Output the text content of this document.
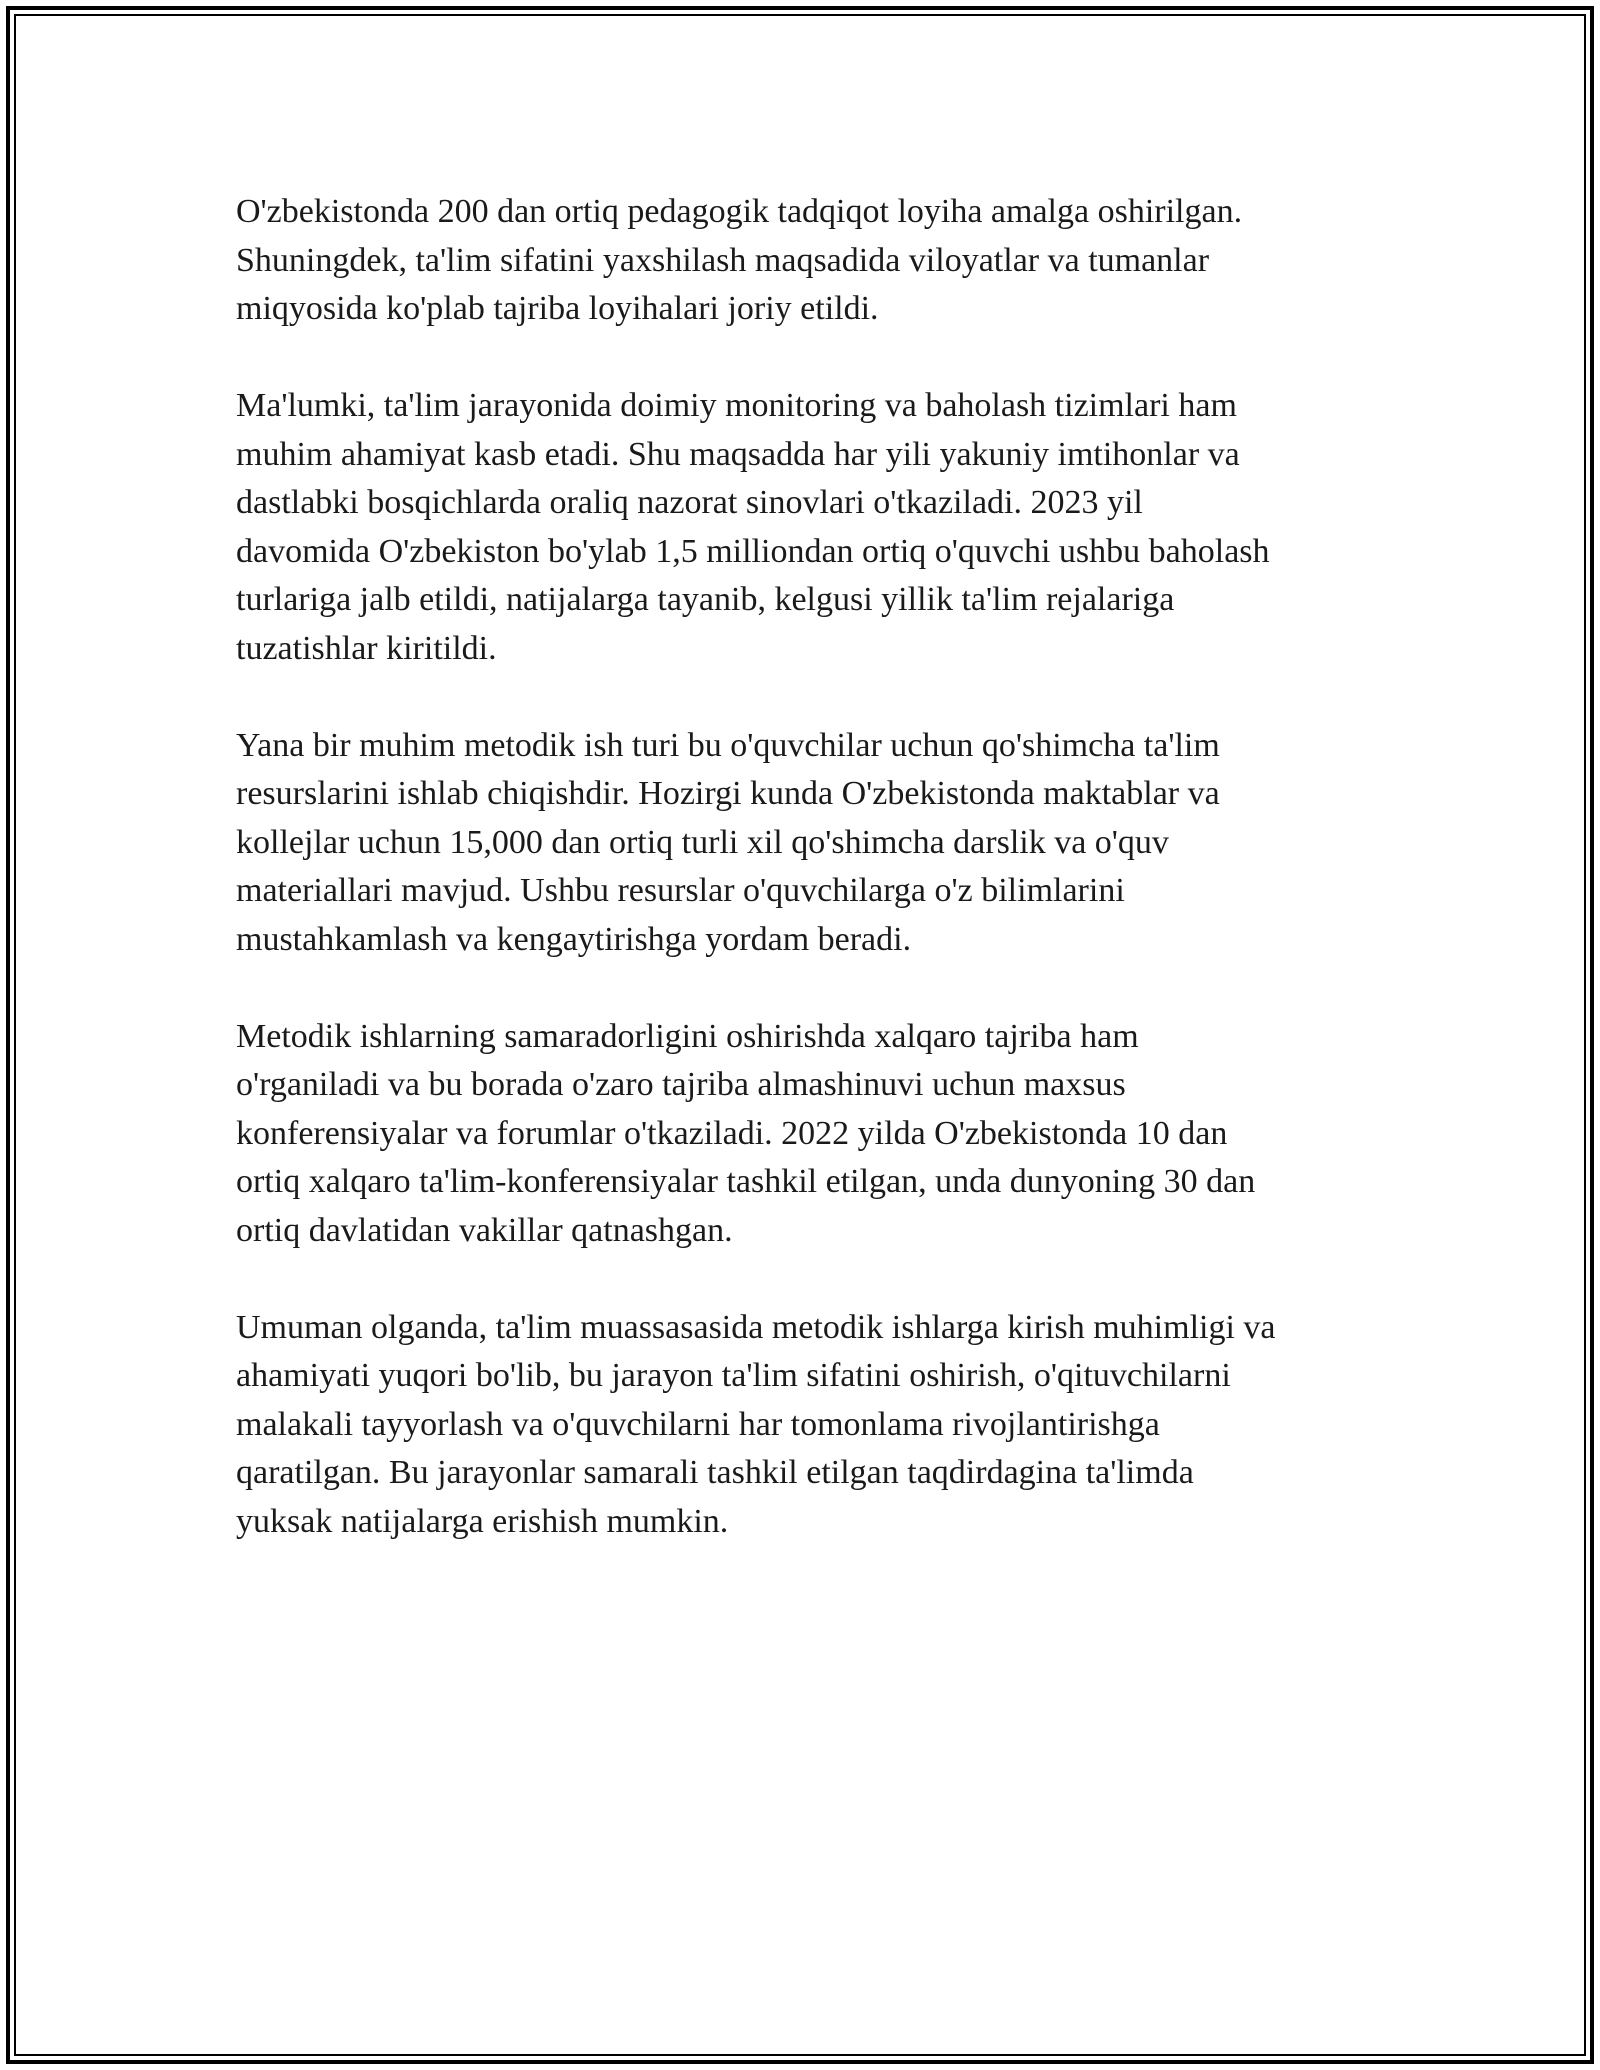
O'zbekistonda 200 dan ortiq pedagogik tadqiqot loyiha amalga oshirilgan.
Shuningdek, ta'lim sifatini yaxshilash maqsadida viloyatlar va tumanlar
miqyosida ko'plab tajriba loyihalari joriy etildi.

Ma'lumki, ta'lim jarayonida doimiy monitoring va baholash tizimlari ham
muhim ahamiyat kasb etadi. Shu maqsadda har yili yakuniy imtihonlar va
dastlabki bosqichlarda oraliq nazorat sinovlari o'tkaziladi. 2023 yil
davomida O'zbekiston bo'ylab 1,5 milliondan ortiq o'quvchi ushbu baholash
turlariga jalb etildi, natijalarga tayanib, kelgusi yillik ta'lim rejalariga
tuzatishlar kiritildi.

Yana bir muhim metodik ish turi bu o'quvchilar uchun qo'shimcha ta'lim
resurslarini ishlab chiqishdir. Hozirgi kunda O'zbekistonda maktablar va
kollejlar uchun 15,000 dan ortiq turli xil qo'shimcha darslik va o'quv
materiallari mavjud. Ushbu resurslar o'quvchilarga o'z bilimlarini
mustahkamlash va kengaytirishga yordam beradi.

Metodik ishlarning samaradorligini oshirishda xalqaro tajriba ham
o'rganiladi va bu borada o'zaro tajriba almashinuvi uchun maxsus
konferensiyalar va forumlar o'tkaziladi. 2022 yilda O'zbekistonda 10 dan
ortiq xalqaro ta'lim-konferensiyalar tashkil etilgan, unda dunyoning 30 dan
ortiq davlatidan vakillar qatnashgan.

Umuman olganda, ta'lim muassasasida metodik ishlarga kirish muhimligi va
ahamiyati yuqori bo'lib, bu jarayon ta'lim sifatini oshirish, o'qituvchilarni
malakali tayyorlash va o'quvchilarni har tomonlama rivojlantirishga
qaratilgan. Bu jarayonlar samarali tashkil etilgan taqdirdagina ta'limda
yuksak natijalarga erishish mumkin.
